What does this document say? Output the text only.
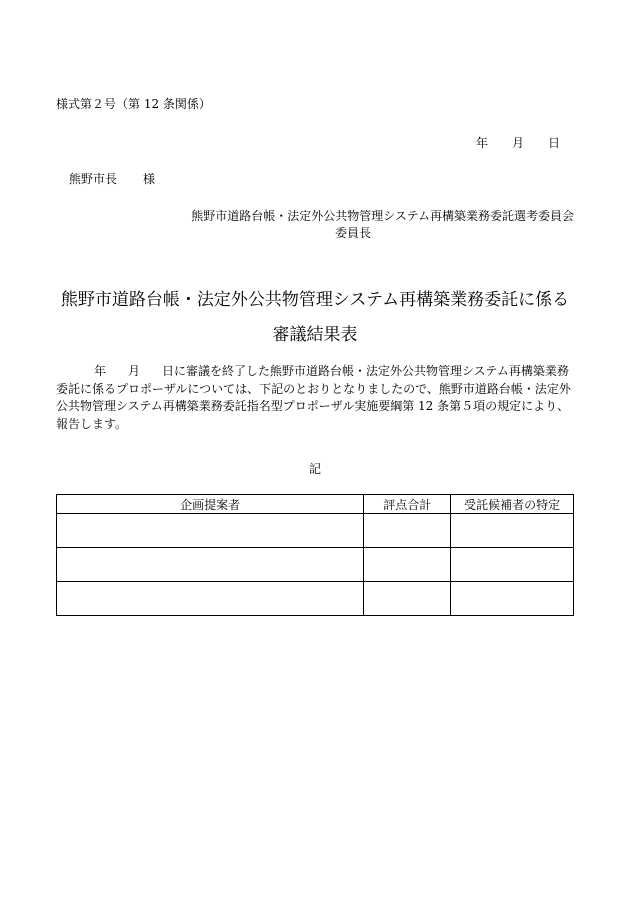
様式第２号（第 12 条関係）
年 月 日
熊野市長 様
熊野市道路台帳・法定外公共物管理システム再構築業務委託選考委員会
委員長
熊野市道路台帳・法定外公共物管理システム再構築業務委託に係る
審議結果表

年 月 日に審議を終了した熊野市道路台帳・法定外公共物管理システム再構築業務委託に係るプロポーザルについては、下記のとおりとなりましたので、熊野市道路台帳・法定外公共物管理システム再構築業務委託指名型プロポーザル実施要綱第 12 条第５項の規定により、報告します。

記
企画提案者	評点合計	受託候補者の特定
